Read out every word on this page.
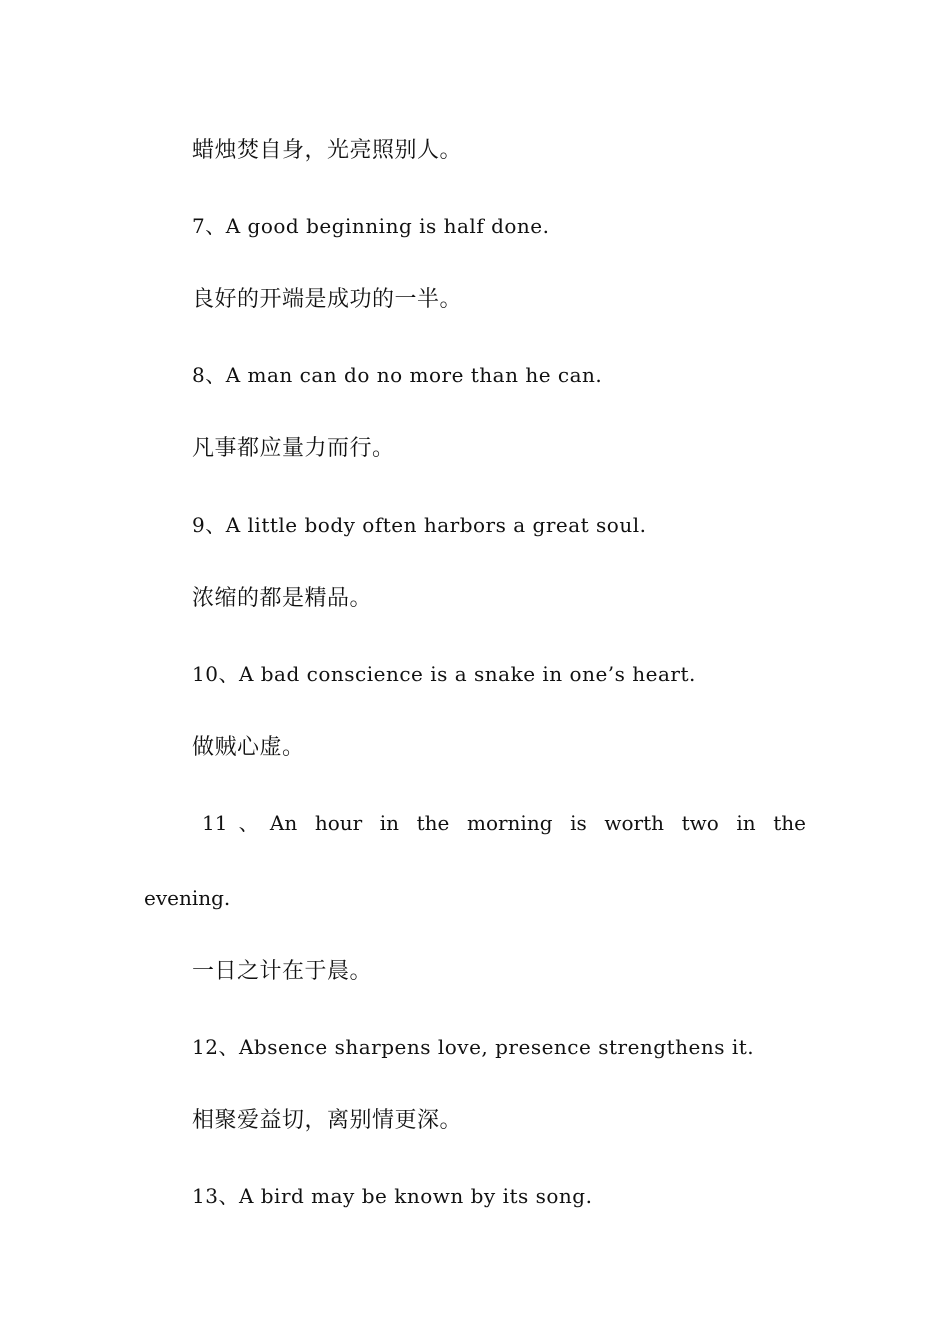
蜡烛焚自身，光亮照别人。
7、A good beginning is half done.
良好的开端是成功的一半。
8、A man can do no more than he can.
凡事都应量力而行。
9、A little body often harbors a great soul.
浓缩的都是精品。
10、A bad conscience is a snake in one’s heart.
做贼心虚。
11、An hour in the morning is worth two in the
evening.
一日之计在于晨。
12、Absence sharpens love, presence strengthens it.
相聚爱益切，离别情更深。
13、A bird may be known by its song.
